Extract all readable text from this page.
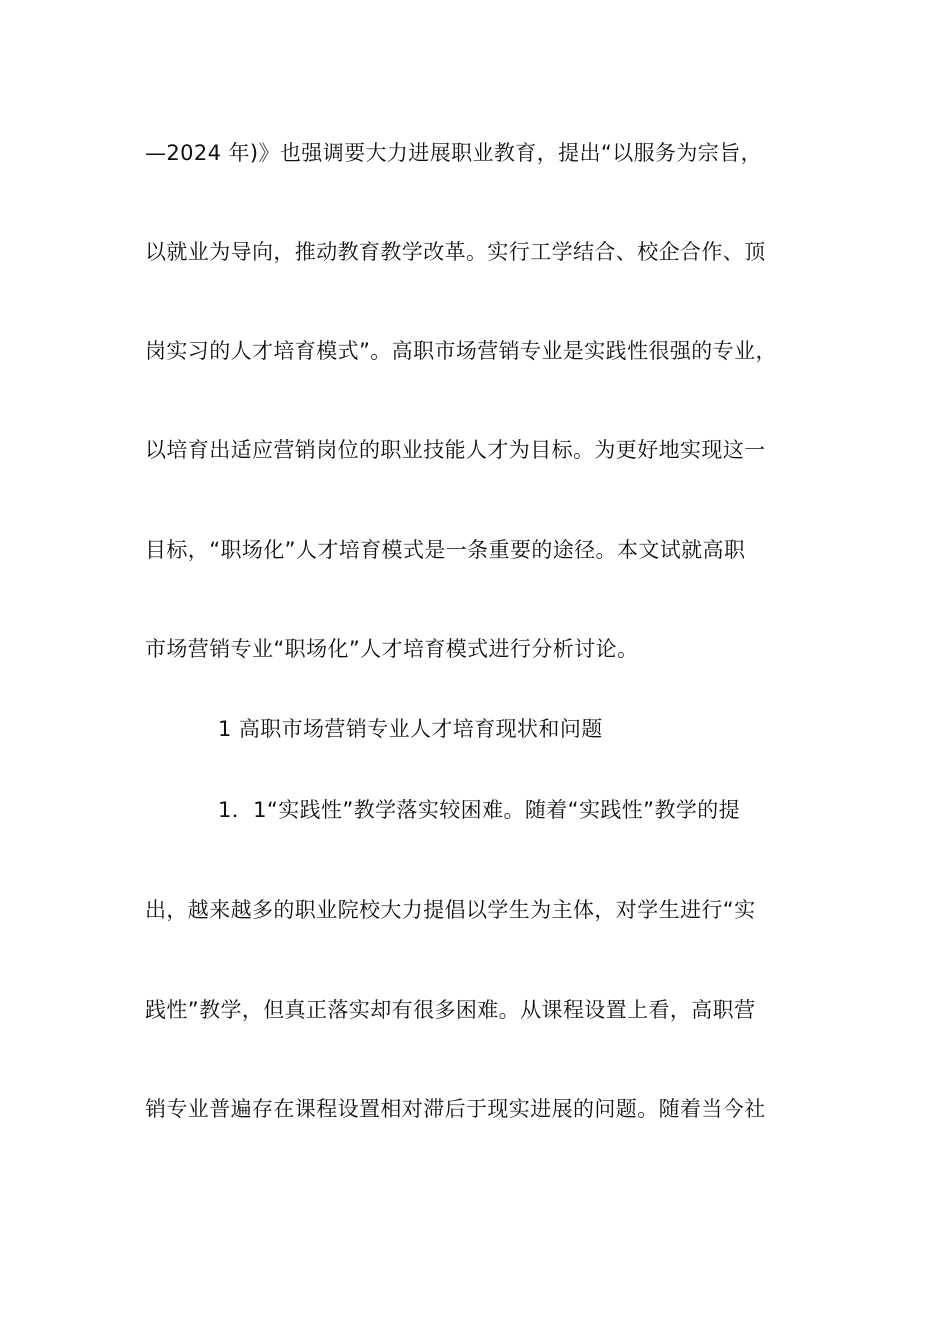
—2024 年)》也强调要大力进展职业教育，提出“以服务为宗旨，
以就业为导向，推动教育教学改革。实行工学结合、校企合作、顶
岗实习的人才培育模式”。高职市场营销专业是实践性很强的专业，
以培育出适应营销岗位的职业技能人才为目标。为更好地实现这一
目标，“职场化”人才培育模式是一条重要的途径。本文试就高职
市场营销专业“职场化”人才培育模式进行分析讨论。
1 高职市场营销专业人才培育现状和问题
1．1“实践性”教学落实较困难。随着“实践性”教学的提
出，越来越多的职业院校大力提倡以学生为主体，对学生进行“实
践性”教学，但真正落实却有很多困难。从课程设置上看，高职营
销专业普遍存在课程设置相对滞后于现实进展的问题。随着当今社
